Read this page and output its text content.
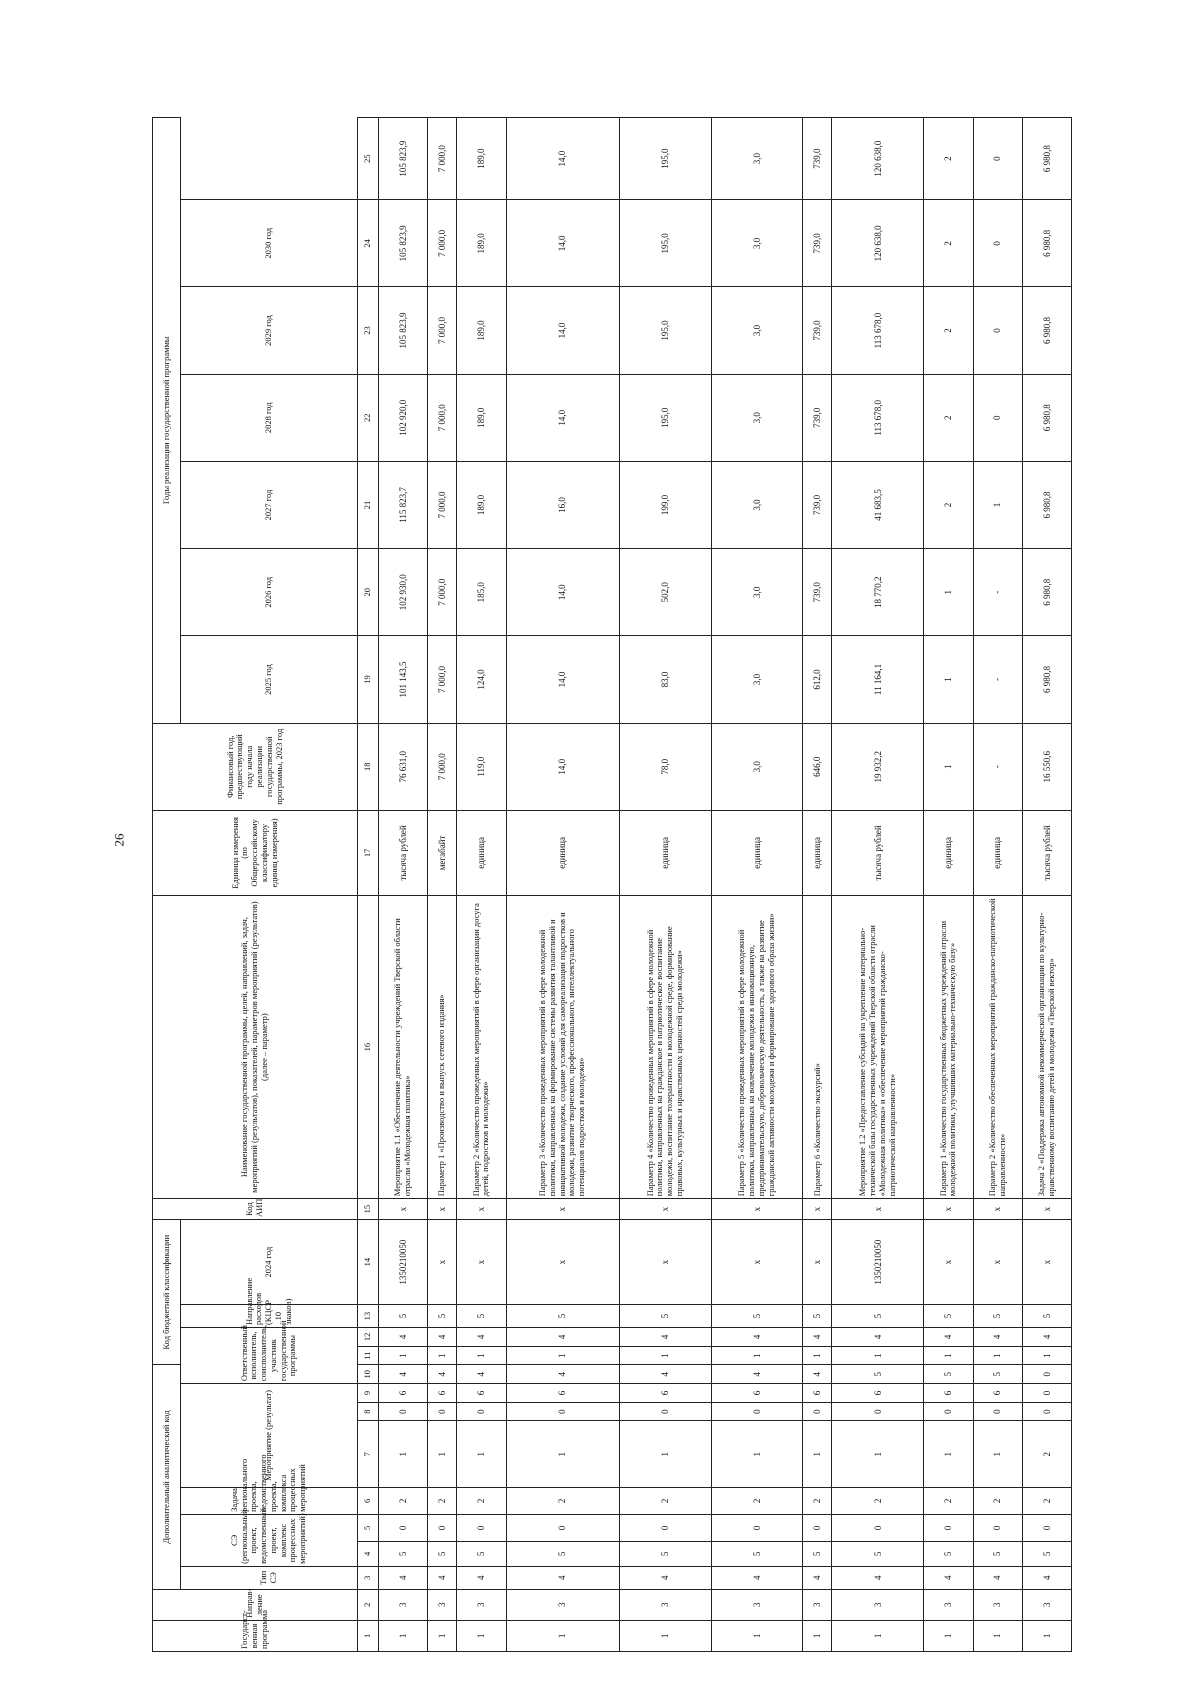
26
Государст-венная программа	Направ-ление	Дополнительный аналитический код								Код бюджетной классификации				Код АИП	Наименование государственной программы, целей, направлений, задач, мероприятий (результатов), показателей, параметров мероприятий (результатов) (далее – параметр)	Единица измерения (по Общероссийскому классификатору единиц измерения)	Финансовый год, предшествующий году начала реализации государственной программы, 2023 год	Годы реализации государственной программы						
		Тип СЭ	СЭ (региональный проект, ведомственный проект, комплекс процессных мероприятий)		Задача регионального проекта, ведомственного проекта, комплекса процессных мероприятий	Мероприятие (результат)			Ответственный исполнитель, соисполнитель, участник государственной программы			Направление расходов (КЦСР 10 знаков)	2024 год					2025 год	2026 год	2027 год	2028 год	2029 год	2030 год	

1	2	3	4	5	6	7	8	9	10	11	12	13	14	15	16	17	18	19	20	21	22	23	24	25
1	3	4	5	0	2	1	0	6	4	1	4	5	1350210050	х	Мероприятие 1.1 «Обеспечение деятельности учреждений Тверской области отрасли «Молодежная политика»	тысяча рублей	76 631,0	101 143,5	102 930,0	115 823,7	102 920,0	105 823,9	105 823,9	105 823,9
1	3	4	5	0	2	1	0	6	4	1	4	5	х	х	Параметр 1 «Производство и выпуск сетевого издания»	мегабайт	7 000,0	7 000,0	7 000,0	7 000,0	7 000,0	7 000,0	7 000,0	7 000,0
1	3	4	5	0	2	1	0	6	4	1	4	5	х	х	Параметр 2 «Количество проведенных мероприятий в сфере организации досуга детей, подростков и молодежи»	единица	119,0	124,0	185,0	189,0	189,0	189,0	189,0	189,0
1	3	4	5	0	2	1	0	6	4	1	4	5	х	х	Параметр 3 «Количество проведенных мероприятий в сфере молодежной политики, направленных на формирование системы развития талантливой и инициативной молодежи, создание условий для самореализации подростков и молодежи, развитие творческого, профессионального, интеллектуального потенциалов подростков и молодежи»	единица	14,0	14,0	14,0	16,0	14,0	14,0	14,0	14,0
1	3	4	5	0	2	1	0	6	4	1	4	5	х	х	Параметр 4 «Количество проведенных мероприятий в сфере молодежной политики, направленных на гражданское и патриотическое воспитание молодежи, воспитание толерантности в молодежной среде, формирование правовых, культурных и нравственных ценностей среди молодежи»	единица	78,0	83,0	502,0	199,0	195,0	195,0	195,0	195,0
1	3	4	5	0	2	1	0	6	4	1	4	5	х	х	Параметр 5 «Количество проведенных мероприятий в сфере молодежной политики, направленных на вовлечение молодежи в инновационную, предпринимательскую, добровольческую деятельность, а также на развитие гражданской активности молодежи и формирование здорового образа жизни»	единица	3,0	3,0	3,0	3,0	3,0	3,0	3,0	3,0
1	3	4	5	0	2	1	0	6	4	1	4	5	х	х	Параметр 6 «Количество экскурсий»	единица	646,0	612,0	739,0	739,0	739,0	739,0	739,0	739,0
1	3	4	5	0	2	1	0	6	5	1	4	5	1350210050	х	Мероприятие 1.2 «Предоставление субсидий на укрепление материально-технической базы государственных учреждений Тверской области отрасли «Молодежная политика» и «обеспечение мероприятий гражданско-патриотической направленности»	тысяча рублей	19 932,2	11 164,1	18 770,2	41 683,5	113 678,0	113 678,0	120 638,0	120 638,0
1	3	4	5	0	2	1	0	6	5	1	4	5	х	х	Параметр 1 «Количество государственных бюджетных учреждений отрасли молодежной политики, улучшивших материально-техническую базу»	единица	1	1	1	2	2	2	2	2
1	3	4	5	0	2	1	0	6	5	1	4	5	х	х	Параметр 2 «Количество обеспеченных мероприятий гражданско-патриотической направленности»	единица	-	-	-	1	0	0	0	0
1	3	4	5	0	2	2	0	0	0	1	4	5	х	х	Задача 2 «Поддержка автономной некоммерческой организации по культурно-нравственному воспитанию детей и молодежи «Тверской вектор»	тысяча рублей	16 550,6	6 980,8	6 980,8	6 980,8	6 980,8	6 980,8	6 980,8	6 980,8
